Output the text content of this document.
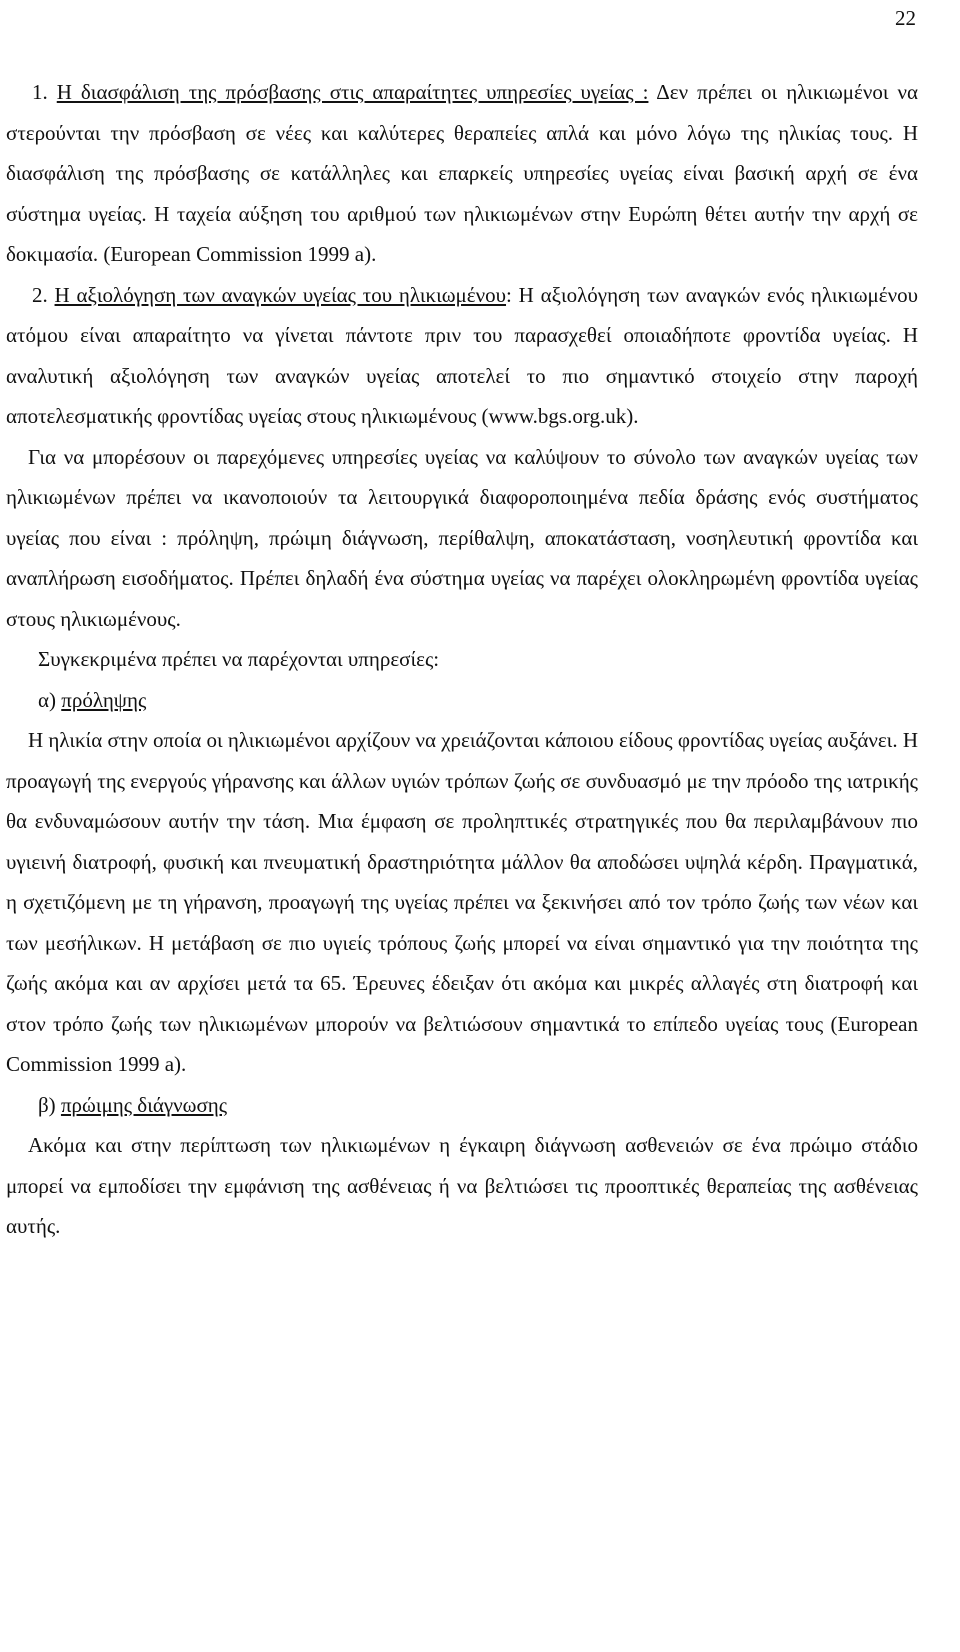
22

1. Η διασφάλιση της πρόσβασης στις απαραίτητες υπηρεσίες υγείας : Δεν πρέπει οι ηλικιωμένοι να στερούνται την πρόσβαση σε νέες και καλύτερες θεραπείες απλά και μόνο λόγω της ηλικίας τους. Η διασφάλιση της πρόσβασης σε κατάλληλες και επαρκείς υπηρεσίες υγείας είναι βασική αρχή σε ένα σύστημα υγείας. Η ταχεία αύξηση του αριθμού των ηλικιωμένων στην Ευρώπη θέτει αυτήν την αρχή σε δοκιμασία. (European Commission 1999 a).

2. Η αξιολόγηση των αναγκών υγείας του ηλικιωμένου: Η αξιολόγηση των αναγκών ενός ηλικιωμένου ατόμου είναι απαραίτητο να γίνεται πάντοτε πριν του παρασχεθεί οποιαδήποτε φροντίδα υγείας. Η αναλυτική αξιολόγηση των αναγκών υγείας αποτελεί το πιο σημαντικό στοιχείο στην παροχή αποτελεσματικής φροντίδας υγείας στους ηλικιωμένους (www.bgs.org.uk).

Για να μπορέσουν οι παρεχόμενες υπηρεσίες υγείας να καλύψουν το σύνολο των αναγκών υγείας των ηλικιωμένων πρέπει να ικανοποιούν τα λειτουργικά διαφοροποιημένα πεδία δράσης ενός συστήματος υγείας που είναι : πρόληψη, πρώιμη διάγνωση, περίθαλψη, αποκατάσταση, νοσηλευτική φροντίδα και αναπλήρωση εισοδήματος. Πρέπει δηλαδή ένα σύστημα υγείας να παρέχει ολοκληρωμένη φροντίδα υγείας στους ηλικιωμένους.

Συγκεκριμένα πρέπει να παρέχονται υπηρεσίες:

α) πρόληψης

Η ηλικία στην οποία οι ηλικιωμένοι αρχίζουν να χρειάζονται κάποιου είδους φροντίδας υγείας αυξάνει. Η προαγωγή της ενεργούς γήρανσης και άλλων υγιών τρόπων ζωής σε συνδυασμό με την πρόοδο της ιατρικής θα ενδυναμώσουν αυτήν την τάση. Μια έμφαση σε προληπτικές στρατηγικές που θα περιλαμβάνουν πιο υγιεινή διατροφή, φυσική και πνευματική δραστηριότητα μάλλον θα αποδώσει υψηλά κέρδη. Πραγματικά, η σχετιζόμενη με τη γήρανση, προαγωγή της υγείας πρέπει να ξεκινήσει από τον τρόπο ζωής των νέων και των μεσήλικων. Η μετάβαση σε πιο υγιείς τρόπους ζωής μπορεί να είναι σημαντικό για την ποιότητα της ζωής ακόμα και αν αρχίσει μετά τα 65. Έρευνες έδειξαν ότι ακόμα και μικρές αλλαγές στη διατροφή και στον τρόπο ζωής των ηλικιωμένων μπορούν να βελτιώσουν σημαντικά το επίπεδο υγείας τους (European Commission 1999 a).

β) πρώιμης διάγνωσης

Ακόμα και στην περίπτωση των ηλικιωμένων η έγκαιρη διάγνωση ασθενειών σε ένα πρώιμο στάδιο μπορεί να εμποδίσει την εμφάνιση της ασθένειας ή να βελτιώσει τις προοπτικές θεραπείας της ασθένειας αυτής.
